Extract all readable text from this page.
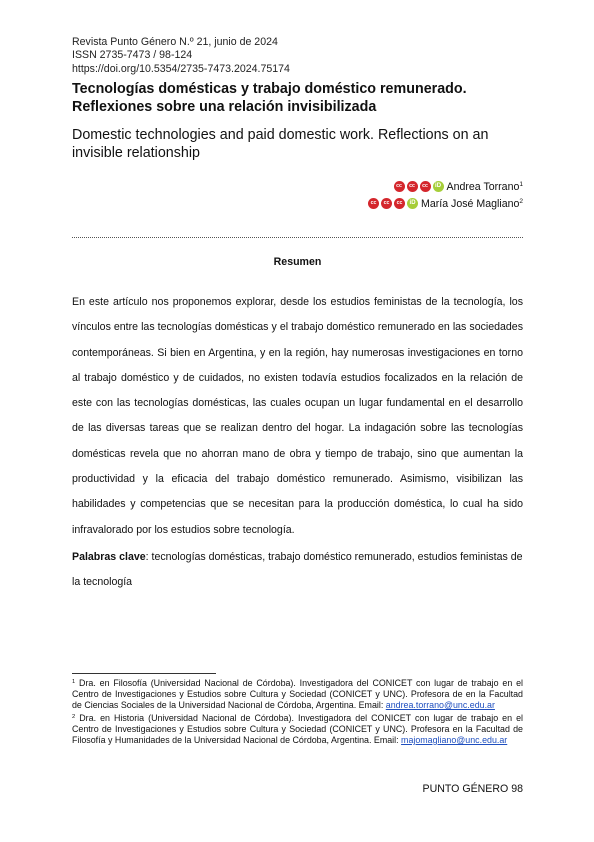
Revista Punto Género N.º 21, junio de 2024
ISSN 2735-7473 / 98-124
https://doi.org/10.5354/2735-7473.2024.75174
Tecnologías domésticas y trabajo doméstico remunerado. Reflexiones sobre una relación invisibilizada
Domestic technologies and paid domestic work. Reflections on an invisible relationship
cc	cc	cc	iD Andrea Torrano$^1$
cc	cc	cc	iD María José Magliano$^2$
Resumen

En este artículo nos proponemos explorar, desde los estudios feministas de la tecnología, los vínculos entre las tecnologías domésticas y el trabajo doméstico remunerado en las sociedades contemporáneas. Si bien en Argentina, y en la región, hay numerosas investigaciones en torno al trabajo doméstico y de cuidados, no existen todavía estudios focalizados en la relación de este con las tecnologías domésticas, las cuales ocupan un lugar fundamental en el desarrollo de las diversas tareas que se realizan dentro del hogar. La indagación sobre las tecnologías domésticas revela que no ahorran mano de obra y tiempo de trabajo, sino que aumentan la productividad y la eficacia del trabajo doméstico remunerado. Asimismo, visibilizan las habilidades y competencias que se necesitan para la producción doméstica, lo cual ha sido infravalorado por los estudios sobre tecnología.

Palabras clave: tecnologías domésticas, trabajo doméstico remunerado, estudios feministas de la tecnología

$^1$ Dra. en Filosofía (Universidad Nacional de Córdoba). Investigadora del CONICET con lugar de trabajo en el Centro de Investigaciones y Estudios sobre Cultura y Sociedad (CONICET y UNC). Profesora de en la Facultad de Ciencias Sociales de la Universidad Nacional de Córdoba, Argentina. Email: andrea.torrano@unc.edu.ar

$^2$ Dra. en Historia (Universidad Nacional de Córdoba). Investigadora del CONICET con lugar de trabajo en el Centro de Investigaciones y Estudios sobre Cultura y Sociedad (CONICET y UNC). Profesora en la Facultad de Filosofía y Humanidades de la Universidad Nacional de Córdoba, Argentina. Email: majomagliano@unc.edu.ar

PUNTO GÉNERO 98
